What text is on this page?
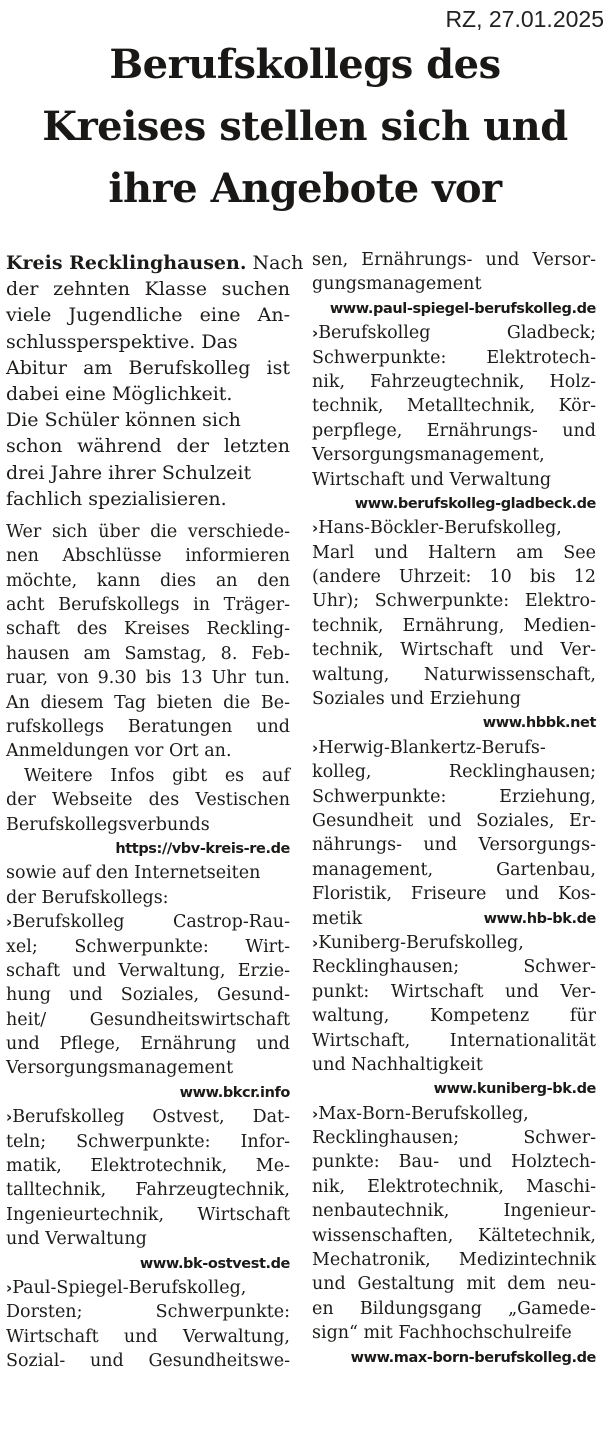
RZ, 27.01.2025
Berufskollegs des
Kreises stellen sich und
ihre Angebote vor
Kreis Recklinghausen. Nach
der zehnten Klasse suchen
viele Jugendliche eine An-
schlussperspektive. Das
Abitur am Berufskolleg ist
dabei eine Möglichkeit.
Die Schüler können sich
schon während der letzten
drei Jahre ihrer Schulzeit
fachlich spezialisieren.
Wer sich über die verschiede-
nen Abschlüsse informieren
möchte, kann dies an den
acht Berufskollegs in Träger-
schaft des Kreises Reckling-
hausen am Samstag, 8. Feb-
ruar, von 9.30 bis 13 Uhr tun.
An diesem Tag bieten die Be-
rufskollegs Beratungen und
Anmeldungen vor Ort an.
Weitere Infos gibt es auf
der Webseite des Vestischen
Berufskollegsverbunds
https://vbv-kreis-re.de
sowie auf den Internetseiten
der Berufskollegs:
›Berufskolleg Castrop-Rau-
xel; Schwerpunkte: Wirt-
schaft und Verwaltung, Erzie-
hung und Soziales, Gesund-
heit/ Gesundheitswirtschaft
und Pflege, Ernährung und
Versorgungsmanagement
www.bkcr.info
›Berufskolleg Ostvest, Dat-
teln; Schwerpunkte: Infor-
matik, Elektrotechnik, Me-
talltechnik, Fahrzeugtechnik,
Ingenieurtechnik, Wirtschaft
und Verwaltung
www.bk-ostvest.de
›Paul-Spiegel-Berufskolleg,
Dorsten; Schwerpunkte:
Wirtschaft und Verwaltung,
Sozial- und Gesundheitswe-
sen, Ernährungs- und Versor-
gungsmanagement
www.paul-spiegel-berufskolleg.de
›Berufskolleg Gladbeck;
Schwerpunkte: Elektrotech-
nik, Fahrzeugtechnik, Holz-
technik, Metalltechnik, Kör-
perpflege, Ernährungs- und
Versorgungsmanagement,
Wirtschaft und Verwaltung
www.berufskolleg-gladbeck.de
›Hans-Böckler-Berufskolleg,
Marl und Haltern am See
(andere Uhrzeit: 10 bis 12
Uhr); Schwerpunkte: Elektro-
technik, Ernährung, Medien-
technik, Wirtschaft und Ver-
waltung, Naturwissenschaft,
Soziales und Erziehung
www.hbbk.net
›Herwig-Blankertz-Berufs-
kolleg, Recklinghausen;
Schwerpunkte: Erziehung,
Gesundheit und Soziales, Er-
nährungs- und Versorgungs-
management, Gartenbau,
Floristik, Friseure und Kos-
metik	www.hb-bk.de
›Kuniberg-Berufskolleg,
Recklinghausen; Schwer-
punkt: Wirtschaft und Ver-
waltung, Kompetenz für
Wirtschaft, Internationalität
und Nachhaltigkeit
www.kuniberg-bk.de
›Max-Born-Berufskolleg,
Recklinghausen; Schwer-
punkte: Bau- und Holztech-
nik, Elektrotechnik, Maschi-
nenbautechnik, Ingenieur-
wissenschaften, Kältetechnik,
Mechatronik, Medizintechnik
und Gestaltung mit dem neu-
en Bildungsgang „Gamede-
sign“ mit Fachhochschulreife
www.max-born-berufskolleg.de
